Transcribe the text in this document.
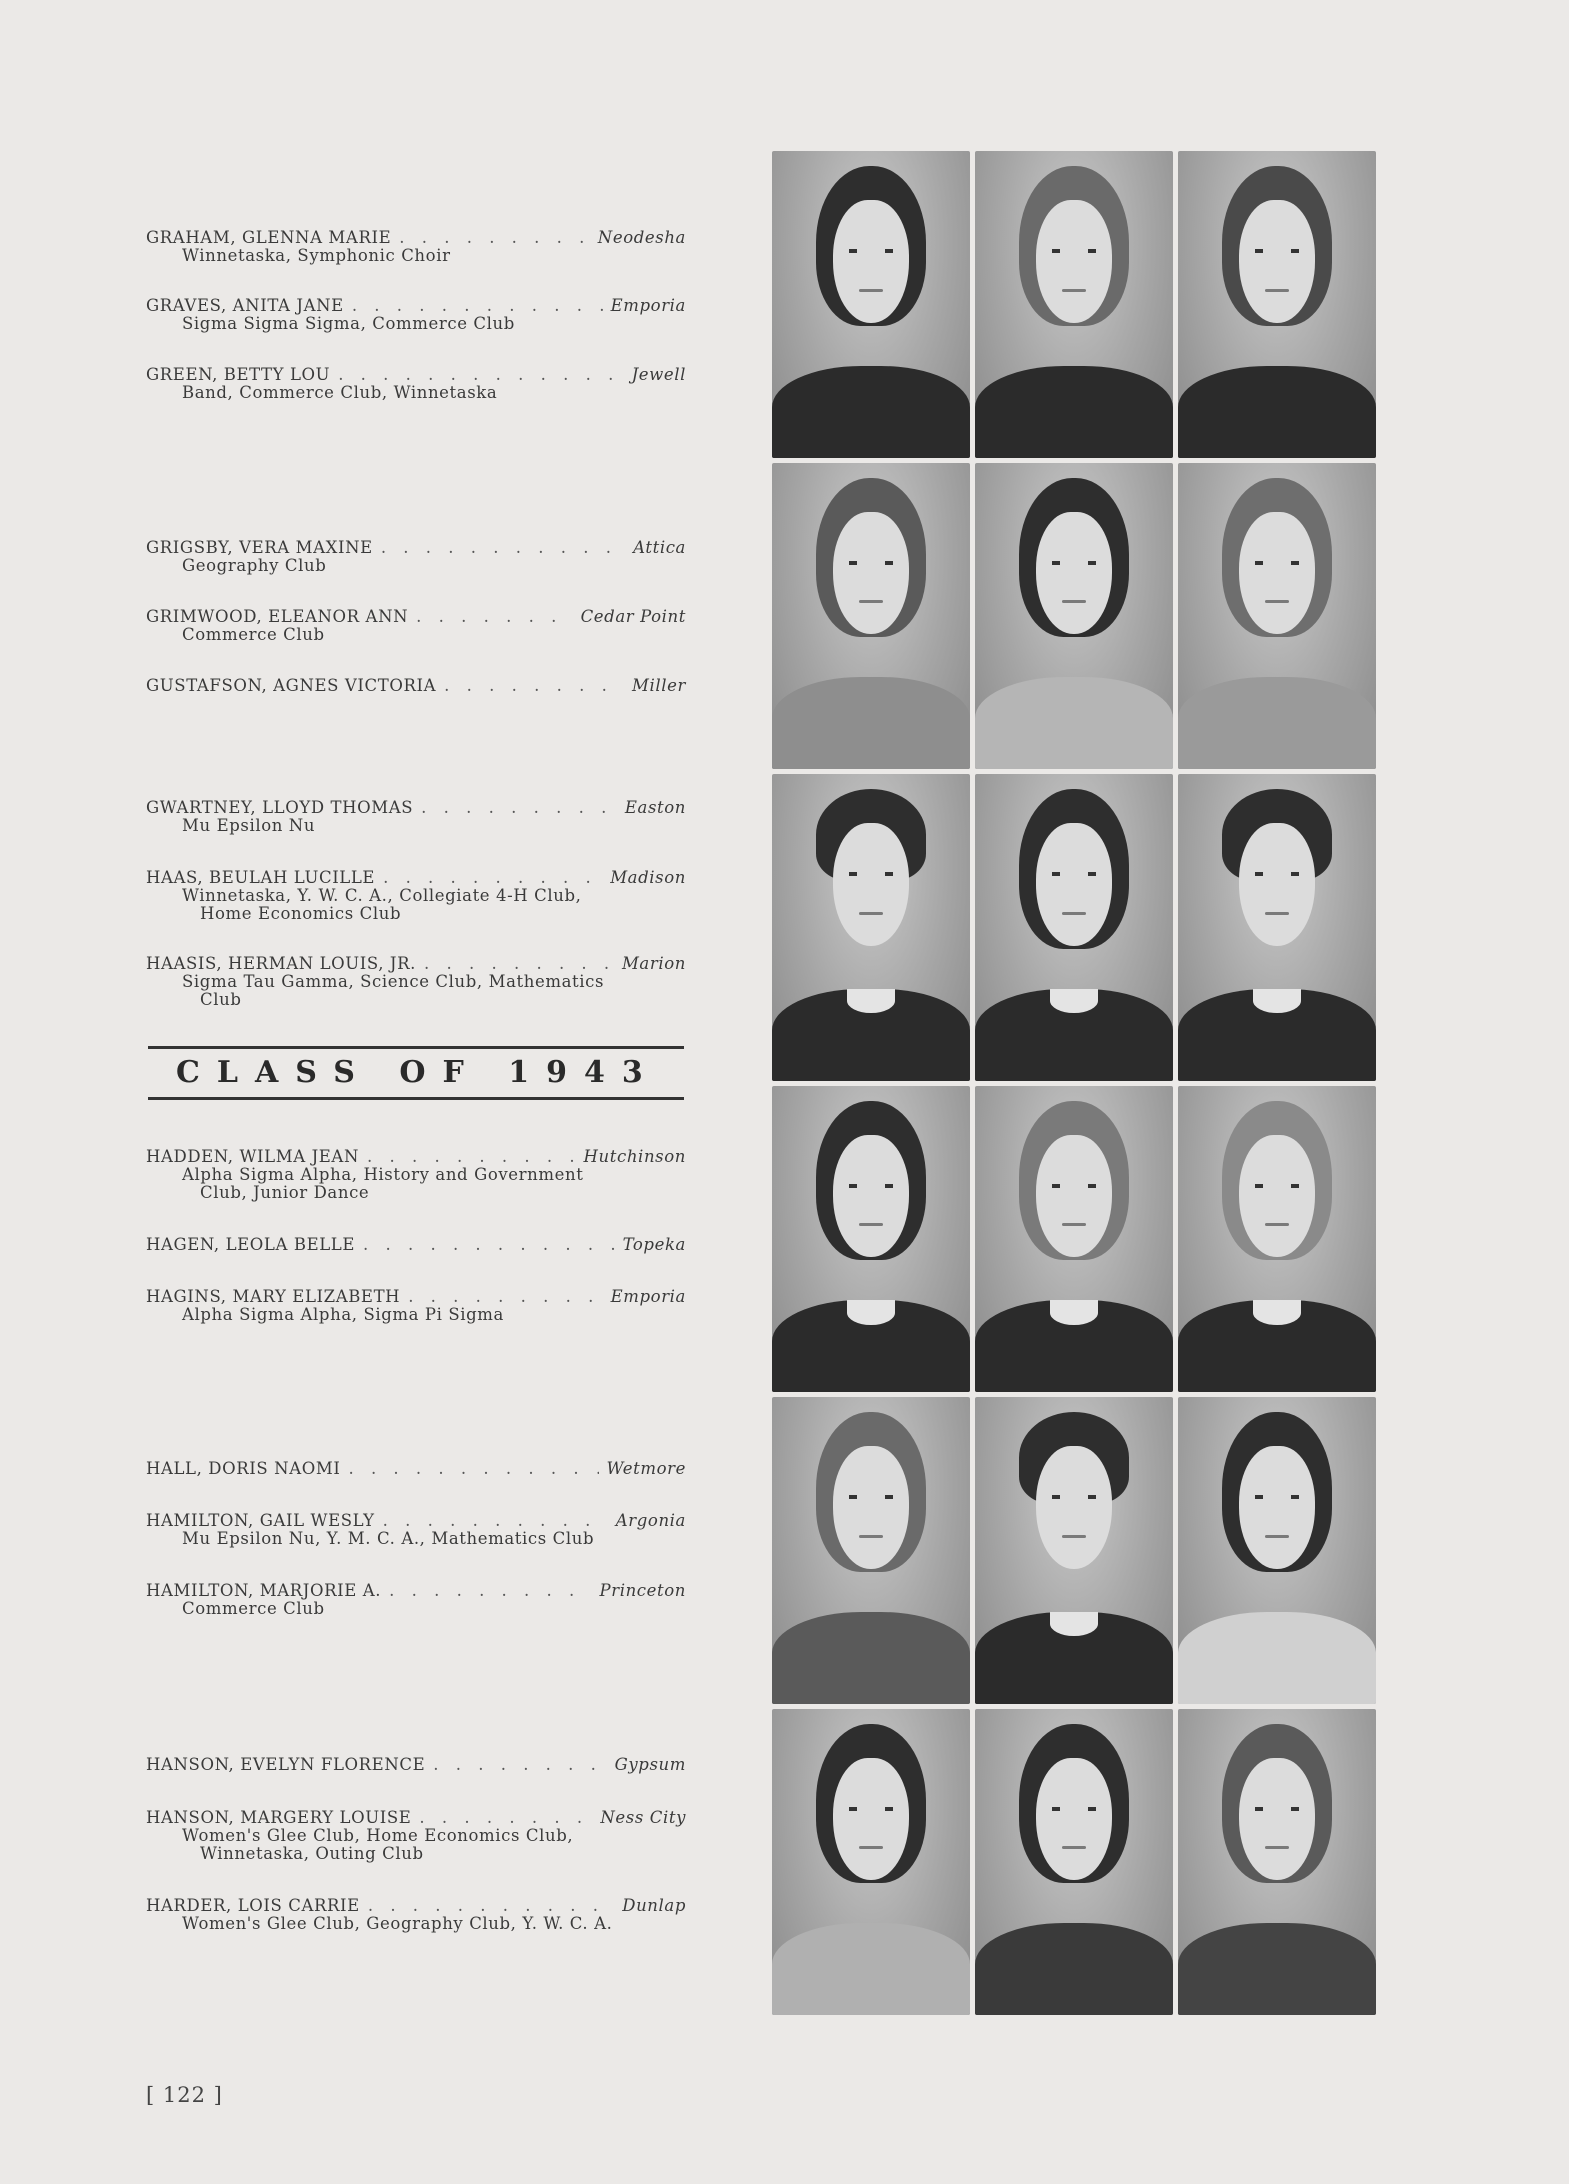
GRAHAM, GLENNA MARIE . . .	Neodesha
Winnetaska, Symphonic Choir
GRAVES, ANITA JANE . . .	Emporia
Sigma Sigma Sigma, Commerce Club
GREEN, BETTY LOU . . .	Jewell
Band, Commerce Club, Winnetaska
GRIGSBY, VERA MAXINE . . .	Attica
Geography Club
GRIMWOOD, ELEANOR ANN . . .	Cedar Point
Commerce Club
GUSTAFSON, AGNES VICTORIA . . .	Miller
GWARTNEY, LLOYD THOMAS . . .	Easton
Mu Epsilon Nu
HAAS, BEULAH LUCILLE . . .	Madison
Winnetaska, Y. W. C. A., Collegiate 4-H Club,
Home Economics Club
HAASIS, HERMAN LOUIS, JR. . . .	Marion
Sigma Tau Gamma, Science Club, Mathematics
Club
CLASS OF 1943
HADDEN, WILMA JEAN . . .	Hutchinson
Alpha Sigma Alpha, History and Government
Club, Junior Dance
HAGEN, LEOLA BELLE . . .	Topeka
HAGINS, MARY ELIZABETH . . .	Emporia
Alpha Sigma Alpha, Sigma Pi Sigma
HALL, DORIS NAOMI . . .	Wetmore
HAMILTON, GAIL WESLY . . .	Argonia
Mu Epsilon Nu, Y. M. C. A., Mathematics Club
HAMILTON, MARJORIE A. . . .	Princeton
Commerce Club
HANSON, EVELYN FLORENCE . . .	Gypsum
HANSON, MARGERY LOUISE . . .	Ness City
Women's Glee Club, Home Economics Club,
Winnetaska, Outing Club
HARDER, LOIS CARRIE . . .	Dunlap
Women's Glee Club, Geography Club, Y. W. C. A.
[ 122 ]
